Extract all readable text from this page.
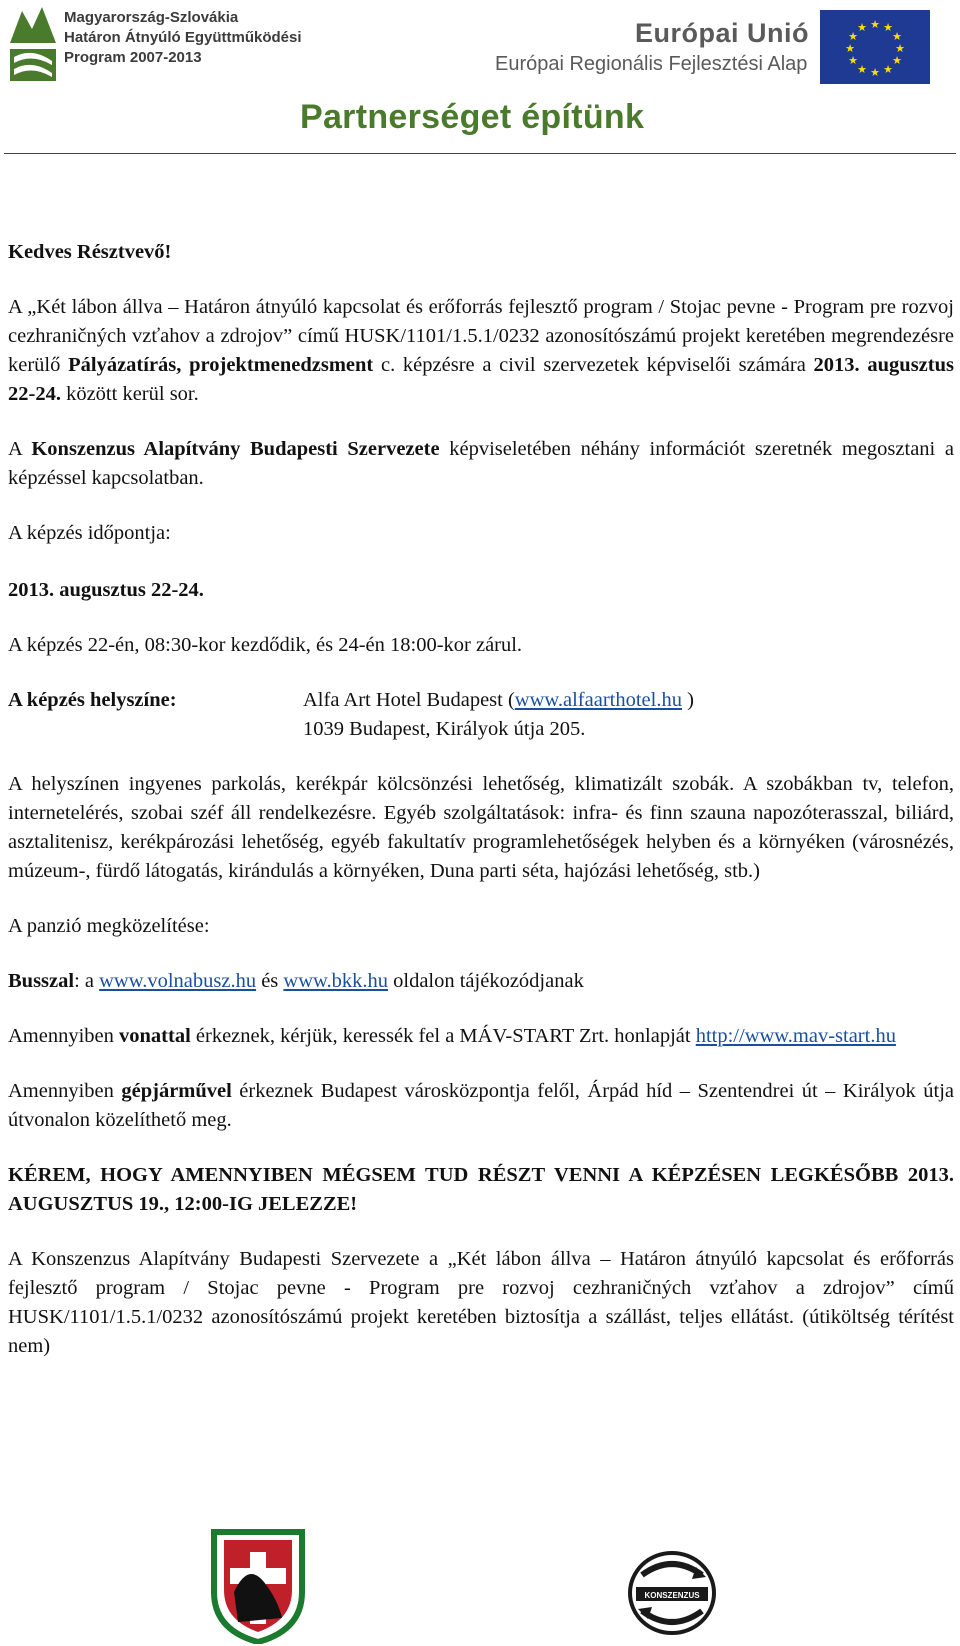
Magyarország-Szlovákia
Határon Átnyúló Együttműködési
Program 2007-2013
Európai Unió
Európai Regionális Fejlesztési Alap
★ ★
★
★
★
★
★
★
★
★
★
★
Partnerséget építünk

Kedves Résztvevő!

A „Két lábon állva – Határon átnyúló kapcsolat és erőforrás fejlesztő program / Stojac pevne - Program pre rozvoj cezhraničných vzťahov a zdrojov” című HUSK/1101/1.5.1/0232 azonosítószámú projekt keretében megrendezésre kerülő Pályázatírás, projektmenedzsment c. képzésre a civil szervezetek képviselői számára 2013. augusztus 22-24. között kerül sor.

A Konszenzus Alapítvány Budapesti Szervezete képviseletében néhány információt szeretnék megosztani a képzéssel kapcsolatban.

A képzés időpontja:

2013. augusztus 22-24.

A képzés 22-én, 08:30-kor kezdődik, és 24-én 18:00-kor zárul.

A képzés helyszíne:	Alfa Art Hotel Budapest (www.alfaarthotel.hu )
1039 Budapest, Királyok útja 205.

A helyszínen ingyenes parkolás, kerékpár kölcsönzési lehetőség, klimatizált szobák. A szobákban tv, telefon, internetelérés, szobai széf áll rendelkezésre. Egyéb szolgáltatások: infra- és finn szauna napozóterasszal, biliárd, asztalitenisz, kerékpározási lehetőség, egyéb fakultatív programlehetőségek helyben és a környéken (városnézés, múzeum-, fürdő látogatás, kirándulás a környéken, Duna parti séta, hajózási lehetőség, stb.)

A panzió megközelítése:

Busszal: a www.volnabusz.hu és www.bkk.hu oldalon tájékozódjanak

Amennyiben vonattal érkeznek, kérjük, keressék fel a MÁV-START Zrt. honlapját http://www.mav-start.hu

Amennyiben gépjárművel érkeznek Budapest városközpontja felől, Árpád híd – Szentendrei út – Királyok útja útvonalon közelíthető meg.

KÉREM, HOGY AMENNYIBEN MÉGSEM TUD RÉSZT VENNI A KÉPZÉSEN LEGKÉSŐBB 2013. AUGUSZTUS 19., 12:00-IG JELEZZE!

A Konszenzus Alapítvány Budapesti Szervezete a „Két lábon állva – Határon átnyúló kapcsolat és erőforrás fejlesztő program / Stojac pevne - Program pre rozvoj cezhraničných vzťahov a zdrojov” című HUSK/1101/1.5.1/0232 azonosítószámú projekt keretében biztosítja a szállást, teljes ellátást. (útiköltség térítést nem)

KONSZENZUS
